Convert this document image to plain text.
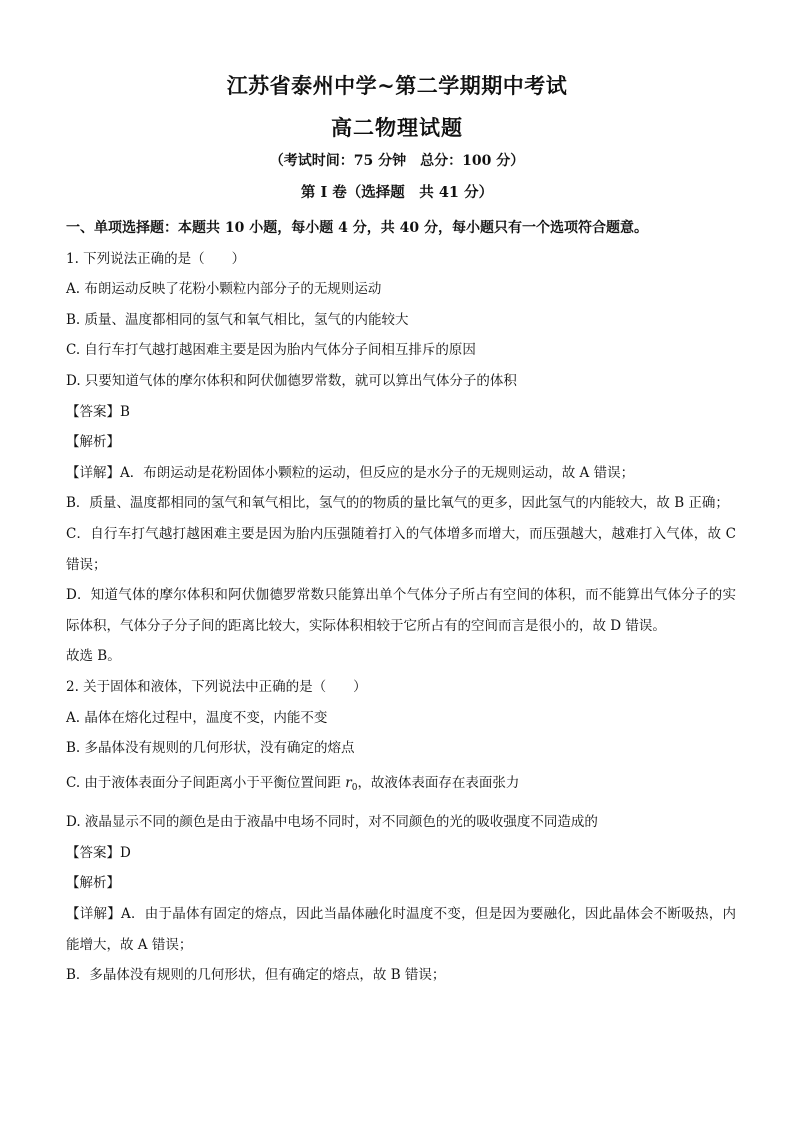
江苏省泰州中学~第二学期期中考试
高二物理试题
（考试时间：75 分钟　总分：100 分）
第 I 卷（选择题　共 41 分）
一、单项选择题：本题共 10 小题，每小题 4 分，共 40 分，每小题只有一个选项符合题意。
1. 下列说法正确的是（　　）
A. 布朗运动反映了花粉小颗粒内部分子的无规则运动
B. 质量、温度都相同的氢气和氧气相比，氢气的内能较大
C. 自行车打气越打越困难主要是因为胎内气体分子间相互排斥的原因
D. 只要知道气体的摩尔体积和阿伏伽德罗常数，就可以算出气体分子的体积
【答案】B
【解析】
【详解】A．布朗运动是花粉固体小颗粒的运动，但反应的是水分子的无规则运动，故 A 错误；
B．质量、温度都相同的氢气和氧气相比，氢气的的物质的量比氧气的更多，因此氢气的内能较大，故 B 正确；
C．自行车打气越打越困难主要是因为胎内压强随着打入的气体增多而增大，而压强越大，越难打入气体，故 C 错误；
D．知道气体的摩尔体积和阿伏伽德罗常数只能算出单个气体分子所占有空间的体积，而不能算出气体分子的实际体积，气体分子分子间的距离比较大，实际体积相较于它所占有的空间而言是很小的，故 D 错误。
故选 B。
2. 关于固体和液体，下列说法中正确的是（　　）
A. 晶体在熔化过程中，温度不变，内能不变
B. 多晶体没有规则的几何形状，没有确定的熔点
C. 由于液体表面分子间距离小于平衡位置间距 $r_0$，故液体表面存在表面张力
D. 液晶显示不同的颜色是由于液晶中电场不同时，对不同颜色的光的吸收强度不同造成的
【答案】D
【解析】
【详解】A．由于晶体有固定的熔点，因此当晶体融化时温度不变，但是因为要融化，因此晶体会不断吸热，内能增大，故 A 错误；
B．多晶体没有规则的几何形状，但有确定的熔点，故 B 错误；
